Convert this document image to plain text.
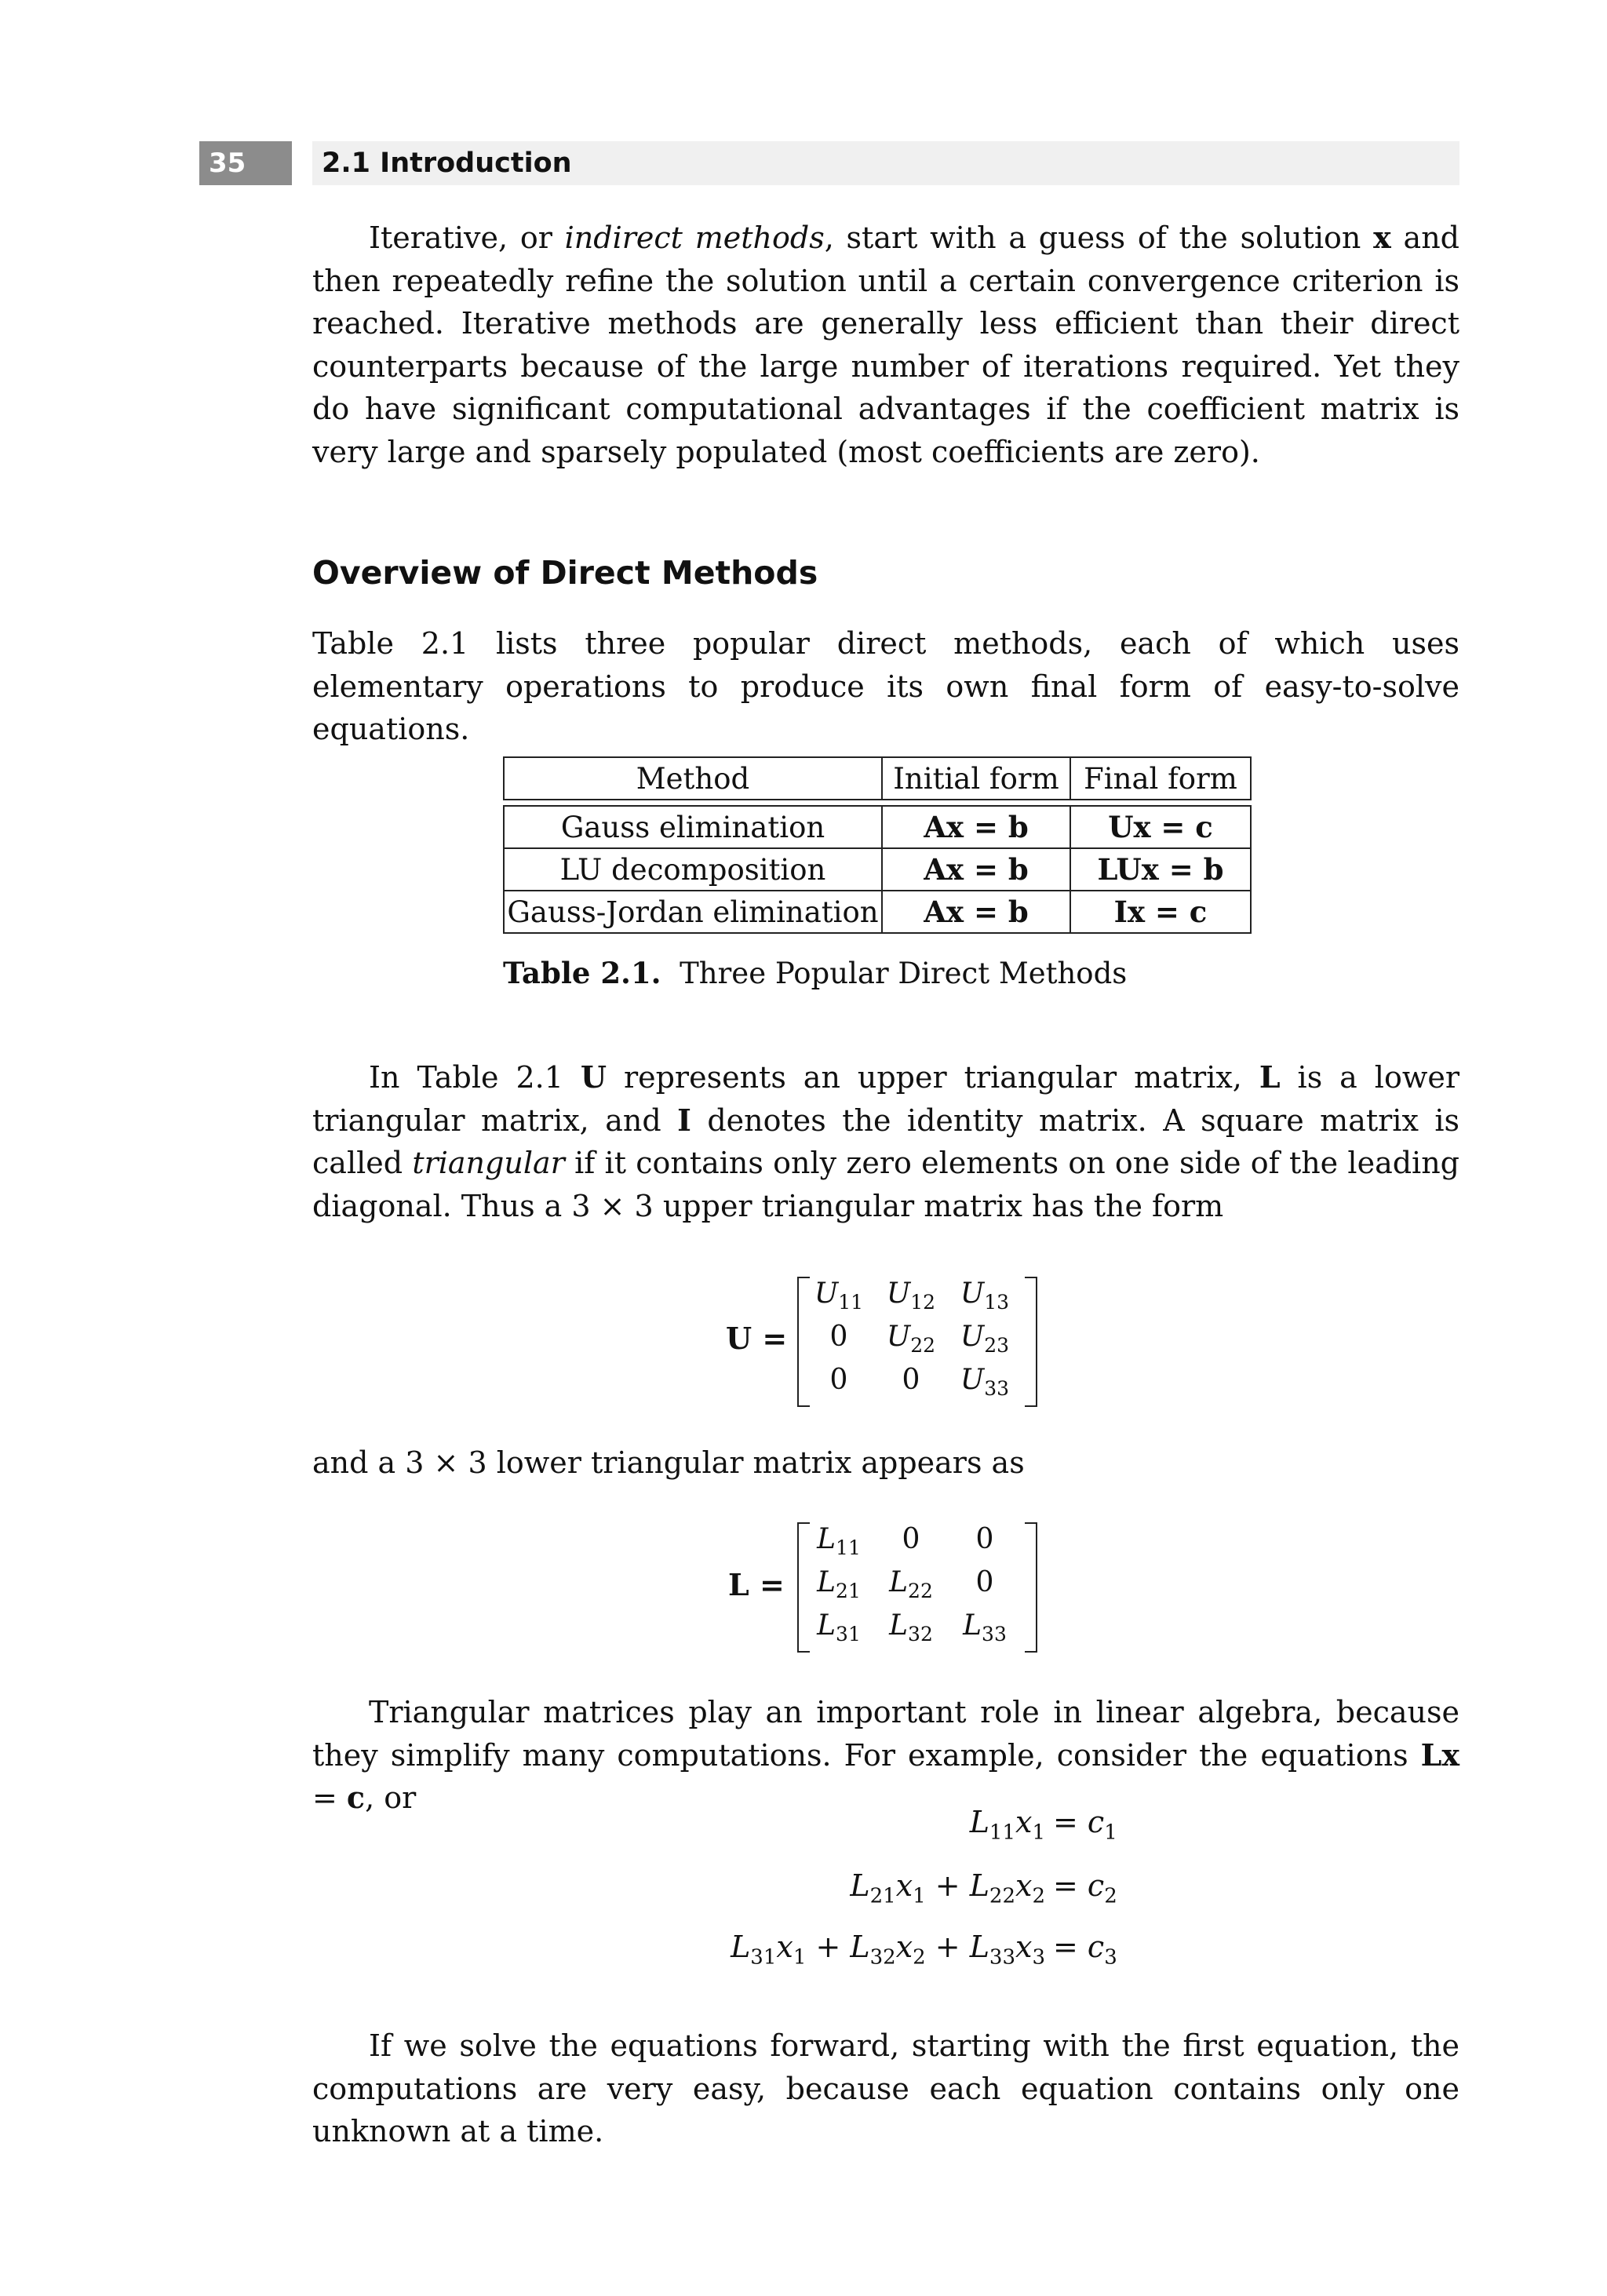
35	2.1 Introduction

Iterative, or indirect methods, start with a guess of the solution x and then repeatedly refine the solution until a certain convergence criterion is reached. Iterative methods are generally less efficient than their direct counterparts because of the large number of iterations required. Yet they do have significant computational advantages if the coefficient matrix is very large and sparsely populated (most coefficients are zero).

Overview of Direct Methods

Table 2.1 lists three popular direct methods, each of which uses elementary operations to produce its own final form of easy-to-solve equations.

Method	Initial form	Final form

Gauss elimination	Ax = b	Ux = c
LU decomposition	Ax = b	LUx = b
Gauss-Jordan elimination	Ax = b	Ix = c
Table 2.1. Three Popular Direct Methods

In Table 2.1 U represents an upper triangular matrix, L is a lower triangular matrix, and I denotes the identity matrix. A square matrix is called triangular if it contains only zero elements on one side of the leading diagonal. Thus a 3 × 3 upper triangular matrix has the form

U =
$U_{11}$ $U_{12}$ $U_{13}$
0	$U_{22}$ $U_{23}$
0	0	$U_{33}$

and a 3 × 3 lower triangular matrix appears as

L =
$L_{11}$	0	0
$L_{21}$	$L_{22}$	0
$L_{31}$	$L_{32}$	$L_{33}$

Triangular matrices play an important role in linear algebra, because they simplify many computations. For example, consider the equations Lx = c, or

$L_{11}x_1 = c_1$
$L_{21}x_1 + L_{22}x_2 = c_2$
$L_{31}x_1 + L_{32}x_2 + L_{33}x_3 = c_3$

If we solve the equations forward, starting with the first equation, the computations are very easy, because each equation contains only one unknown at a time.
